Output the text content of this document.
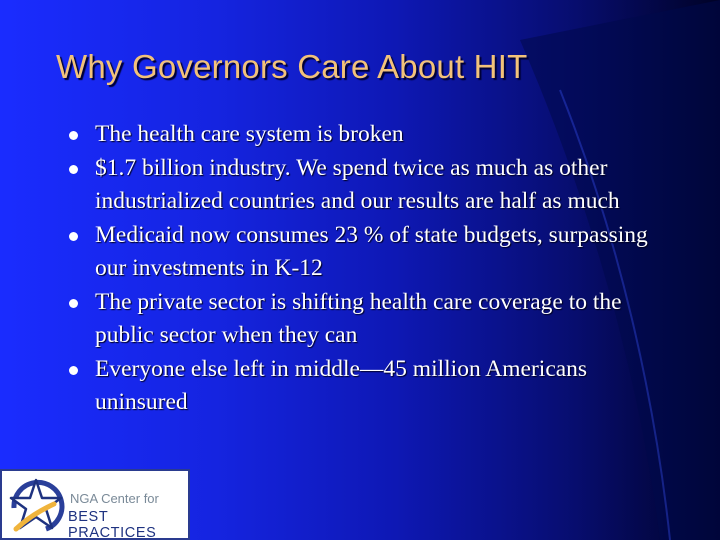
Why Governors Care About HIT
The health care system is broken
$1.7 billion industry. We spend twice as much as other industrialized countries and our results are half as much
Medicaid now consumes 23 % of state budgets, surpassing our investments in K-12
The private sector is shifting health care coverage to the public sector when they can
Everyone else left in middle—45 million Americans uninsured
NGA Center for
BEST PRACTICES
